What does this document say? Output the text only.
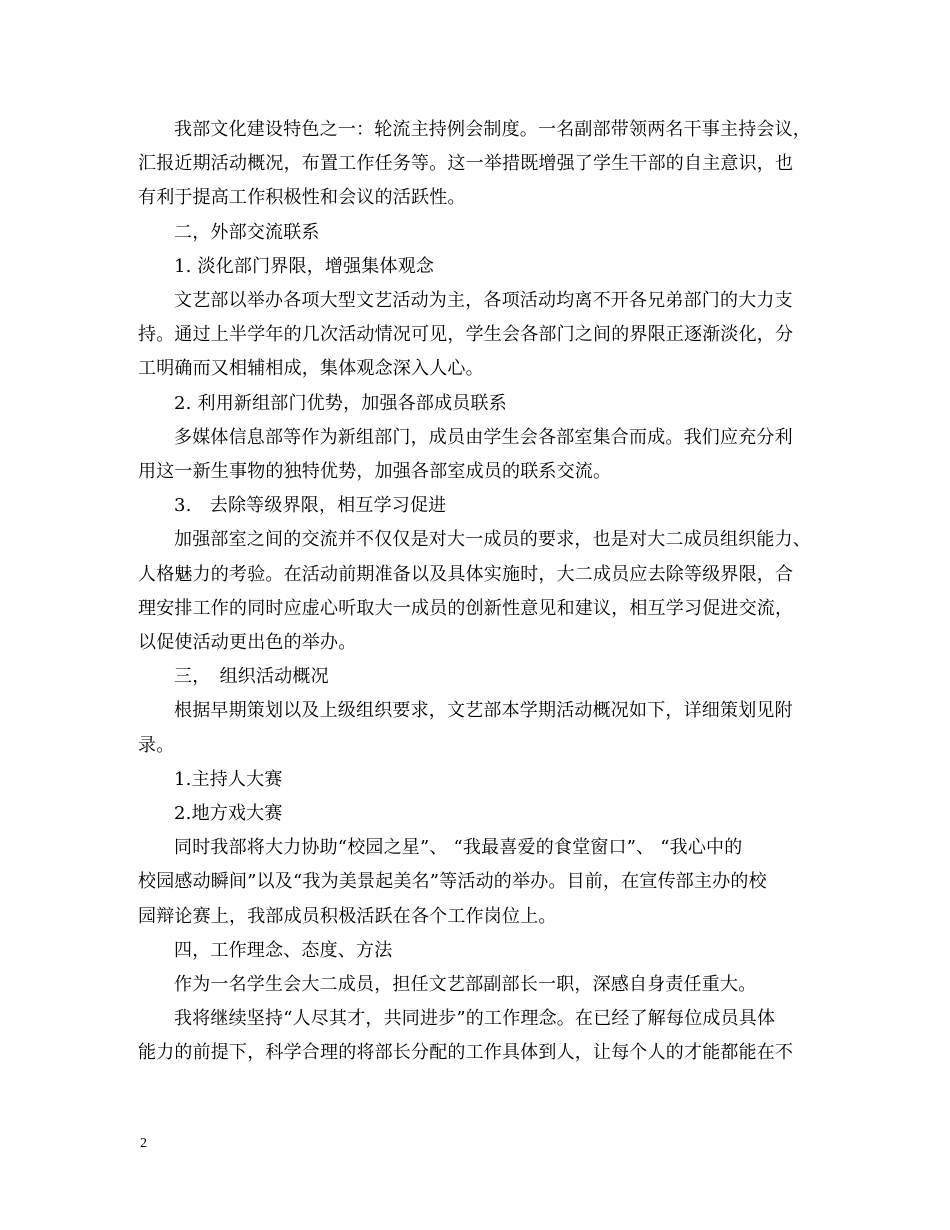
我部文化建设特色之一：轮流主持例会制度。一名副部带领两名干事主持会议，
汇报近期活动概况，布置工作任务等。这一举措既增强了学生干部的自主意识，也
有利于提高工作积极性和会议的活跃性。

二，外部交流联系

1. 淡化部门界限，增强集体观念

文艺部以举办各项大型文艺活动为主，各项活动均离不开各兄弟部门的大力支
持。通过上半学年的几次活动情况可见，学生会各部门之间的界限正逐渐淡化，分
工明确而又相辅相成，集体观念深入人心。

2. 利用新组部门优势，加强各部成员联系

多媒体信息部等作为新组部门，成员由学生会各部室集合而成。我们应充分利
用这一新生事物的独特优势，加强各部室成员的联系交流。

3.　去除等级界限，相互学习促进

加强部室之间的交流并不仅仅是对大一成员的要求，也是对大二成员组织能力、
人格魅力的考验。在活动前期准备以及具体实施时，大二成员应去除等级界限，合
理安排工作的同时应虚心听取大一成员的创新性意见和建议，相互学习促进交流，
以促使活动更出色的举办。

三，　组织活动概况

根据早期策划以及上级组织要求，文艺部本学期活动概况如下，详细策划见附
录。

1.主持人大赛

2.地方戏大赛

同时我部将大力协助“校园之星”、 “我最喜爱的食堂窗口”、 “我心中的
校园感动瞬间”以及“我为美景起美名”等活动的举办。目前，在宣传部主办的校
园辩论赛上，我部成员积极活跃在各个工作岗位上。

四，工作理念、态度、方法

作为一名学生会大二成员，担任文艺部副部长一职，深感自身责任重大。

我将继续坚持“人尽其才，共同进步”的工作理念。在已经了解每位成员具体
能力的前提下，科学合理的将部长分配的工作具体到人，让每个人的才能都能在不

2
